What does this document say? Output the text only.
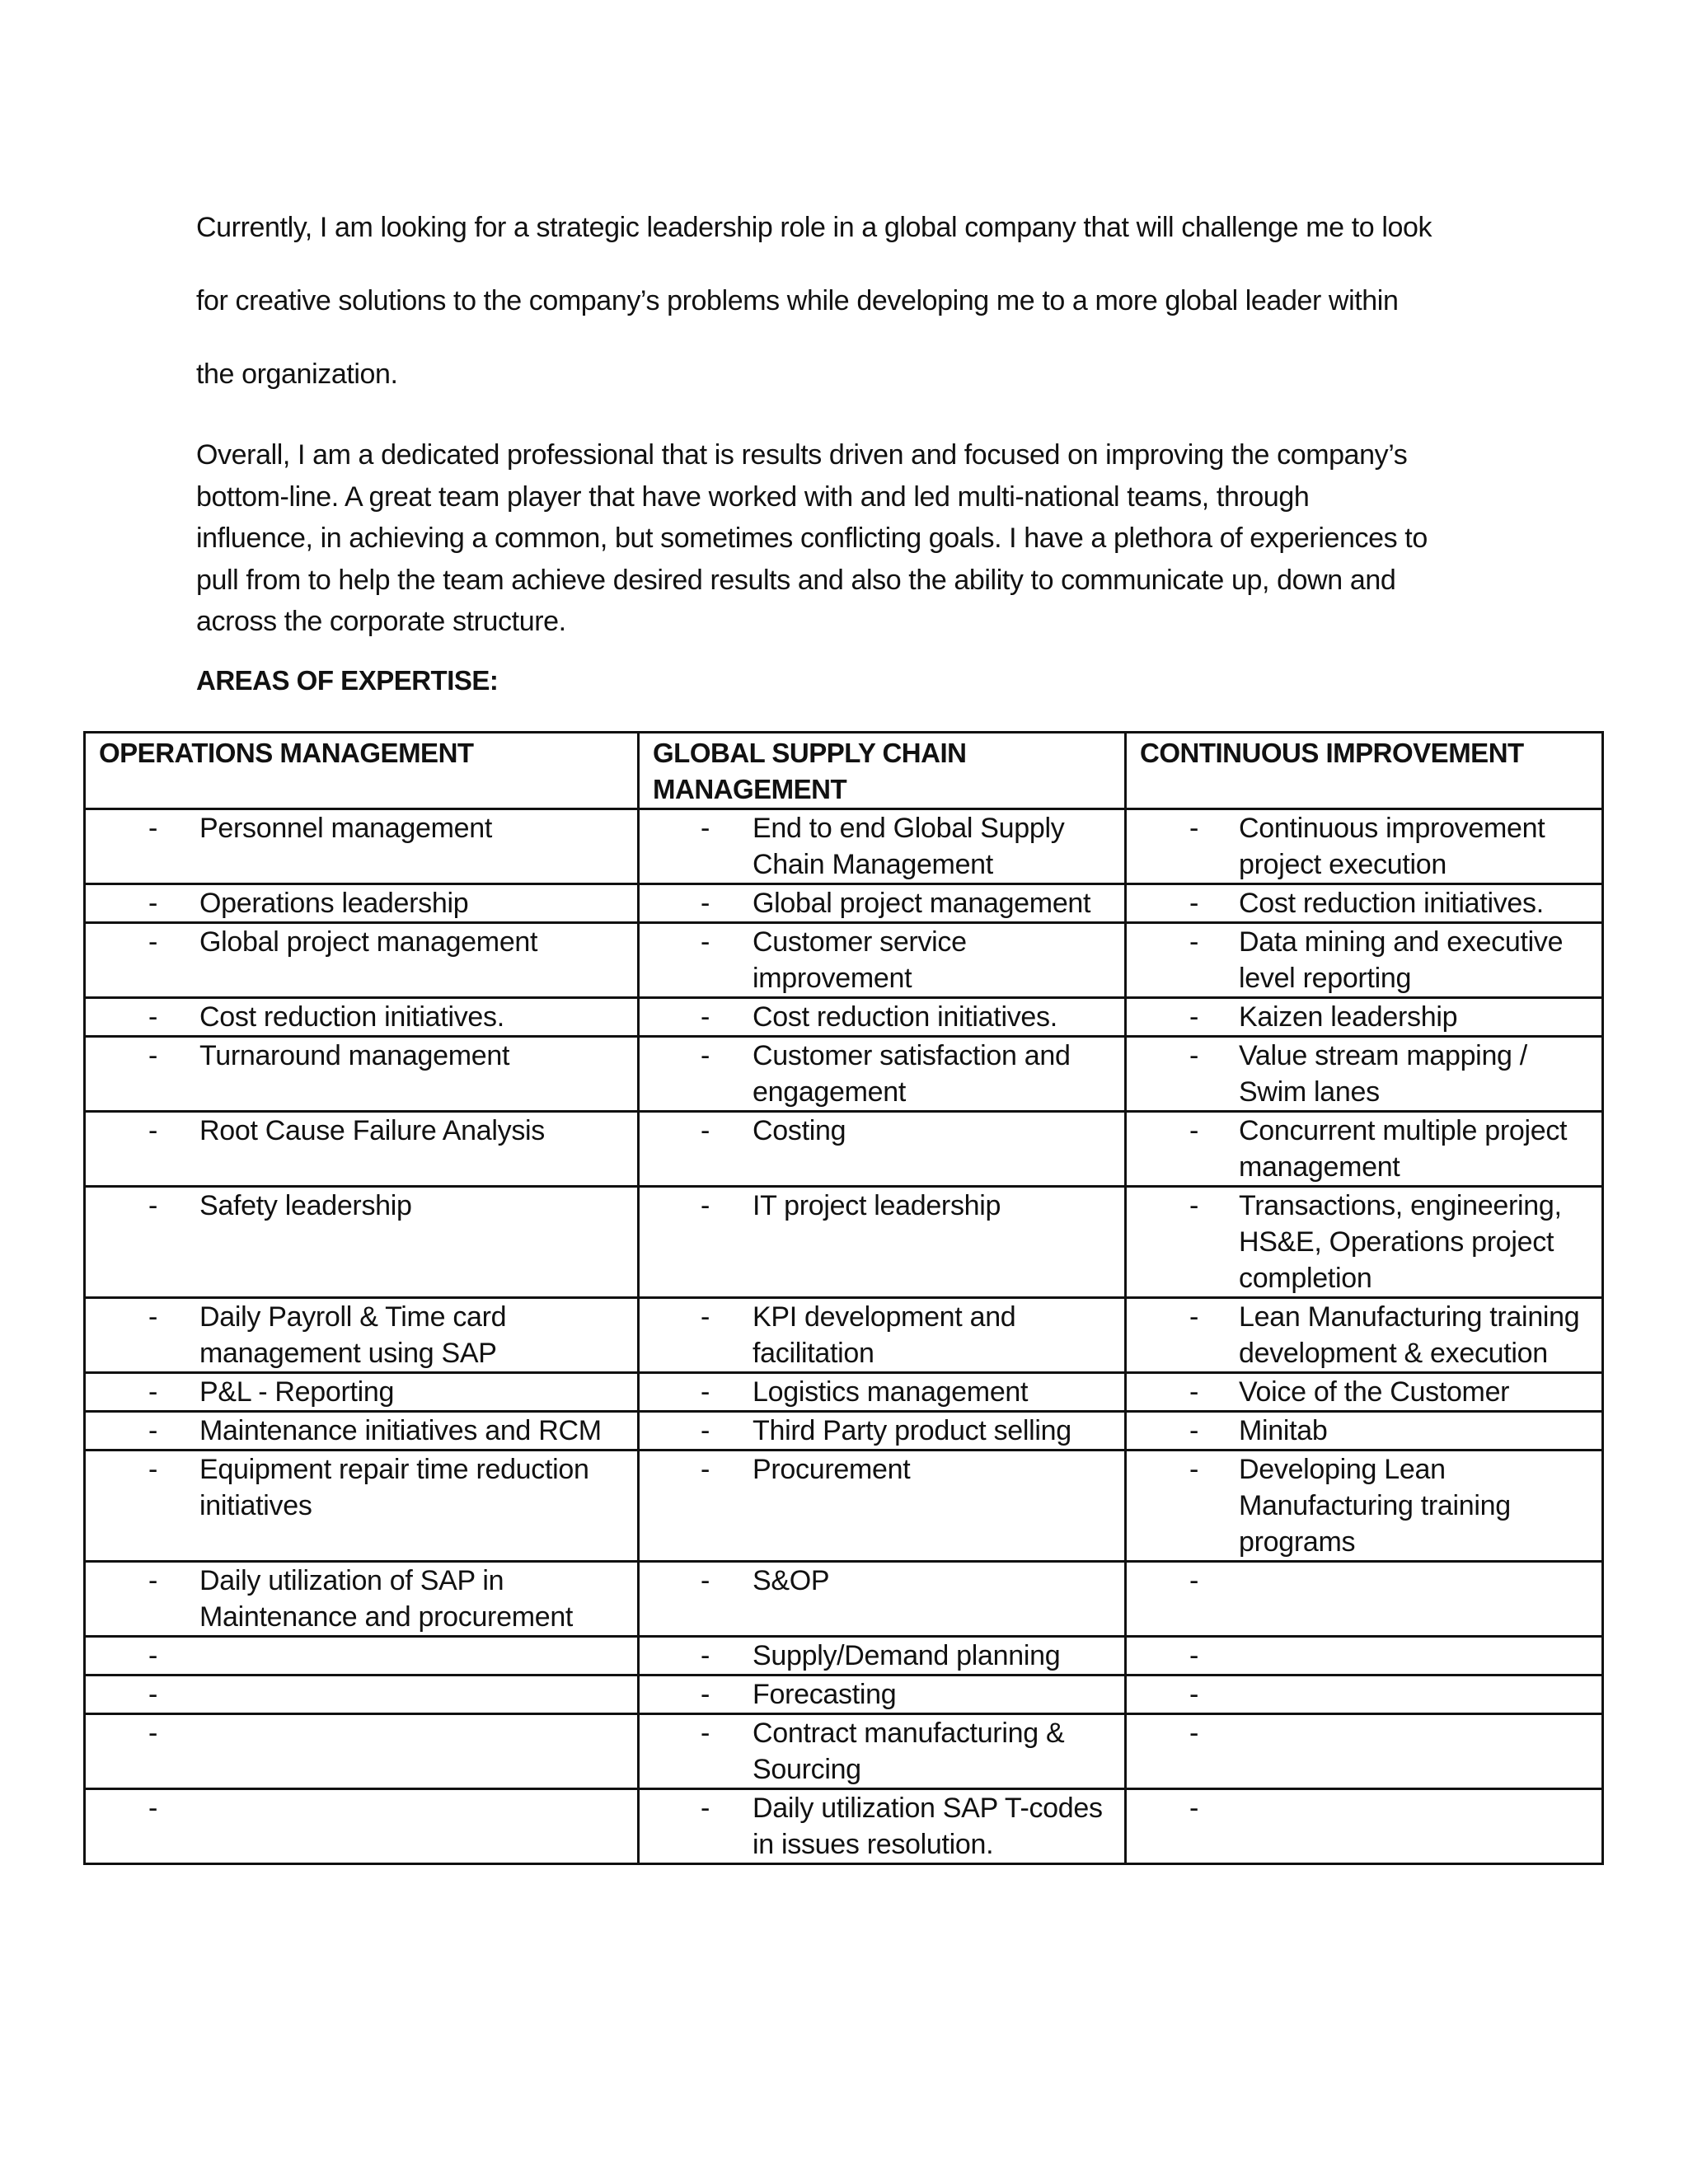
Currently, I am looking for a strategic leadership role in a global company that will challenge me to look

for creative solutions to the company’s problems while developing me to a more global leader within

the organization.

Overall, I am a dedicated professional that is results driven and focused on improving the company’s

bottom-line. A great team player that have worked with and led multi-national teams, through

influence, in achieving a common, but sometimes conflicting goals. I have a plethora of experiences to

pull from to help the team achieve desired results and also the ability to communicate up, down and

across the corporate structure.

AREAS OF EXPERTISE:
OPERATIONS MANAGEMENT	GLOBAL SUPPLY CHAIN MANAGEMENT	CONTINUOUS IMPROVEMENT

- Personnel management	- End to end Global Supply Chain Management	- Continuous improvement project execution

- Operations leadership	- Global project management	- Cost reduction initiatives.

- Global project management	- Customer service improvement	- Data mining and executive level reporting

- Cost reduction initiatives.	- Cost reduction initiatives.	- Kaizen leadership

- Turnaround management	- Customer satisfaction and engagement	- Value stream mapping / Swim lanes

- Root Cause Failure Analysis	- Costing	- Concurrent multiple project management

- Safety leadership	- IT project leadership	- Transactions, engineering, HS&E, Operations project completion

- Daily Payroll & Time card management using SAP	- KPI development and facilitation	- Lean Manufacturing training development & execution

- P&L - Reporting	- Logistics management	- Voice of the Customer

- Maintenance initiatives and RCM	- Third Party product selling	- Minitab

- Equipment repair time reduction initiatives	- Procurement	- Developing Lean Manufacturing training programs

- Daily utilization of SAP in Maintenance and procurement	- S&OP	-

-	- Supply/Demand planning	-

-	- Forecasting	-

-	- Contract manufacturing & Sourcing	-

-	- Daily utilization SAP T-codes in issues resolution.	-
